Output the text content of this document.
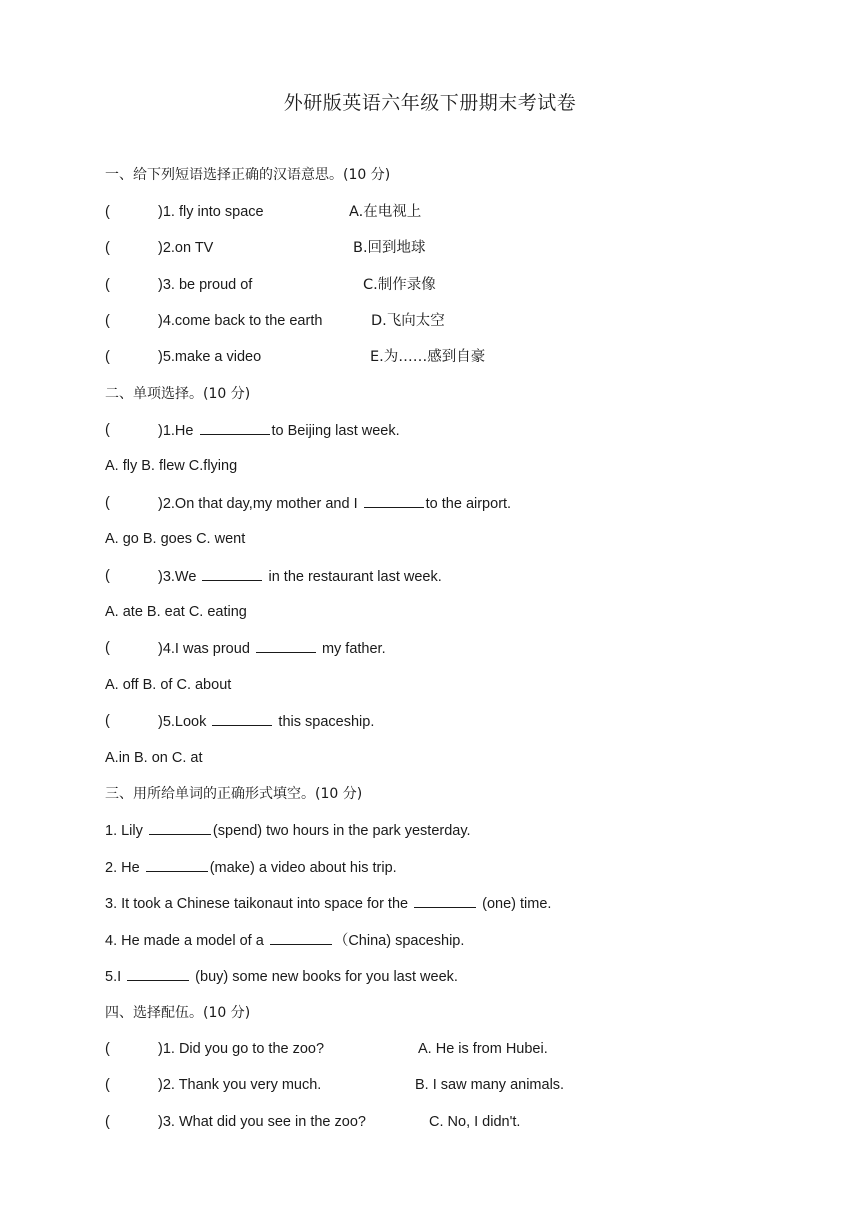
外研版英语六年级下册期末考试卷
一、给下列短语选择正确的汉语意思。(10 分)
(	)1. fly into space	A.在电视上
(	)2.on TV	B.回到地球
(	)3. be proud of	C.制作录像
(	)4.come back to the earth	D.飞向太空
(	)5.make a video	E.为……感到自豪
二、单项选择。(10 分)
(	)1.He	to Beijing last week.
A. fly B. flew C.flying
(	)2.On that day,my mother and I	to the airport.
A. go B. goes C. went
(	)3.We	in the restaurant last week.
A. ate B. eat C. eating
(	)4.I was proud	my father.
A. off B. of C. about
(	)5.Look	this spaceship.
A.in B. on C. at
三、用所给单词的正确形式填空。(10 分)
1. Lily	(spend) two hours in the park yesterday.
2. He	(make) a video about his trip.
3. It took a Chinese taikonaut into space for the	(one) time.
4. He made a model of a	（China) spaceship.
5.I	(buy) some new books for you last week.
四、选择配伍。(10 分)
(	)1. Did you go to the zoo?	A. He is from Hubei.
(	)2. Thank you very much.	B. I saw many animals.
(	)3. What did you see in the zoo?	C. No, I didn't.
